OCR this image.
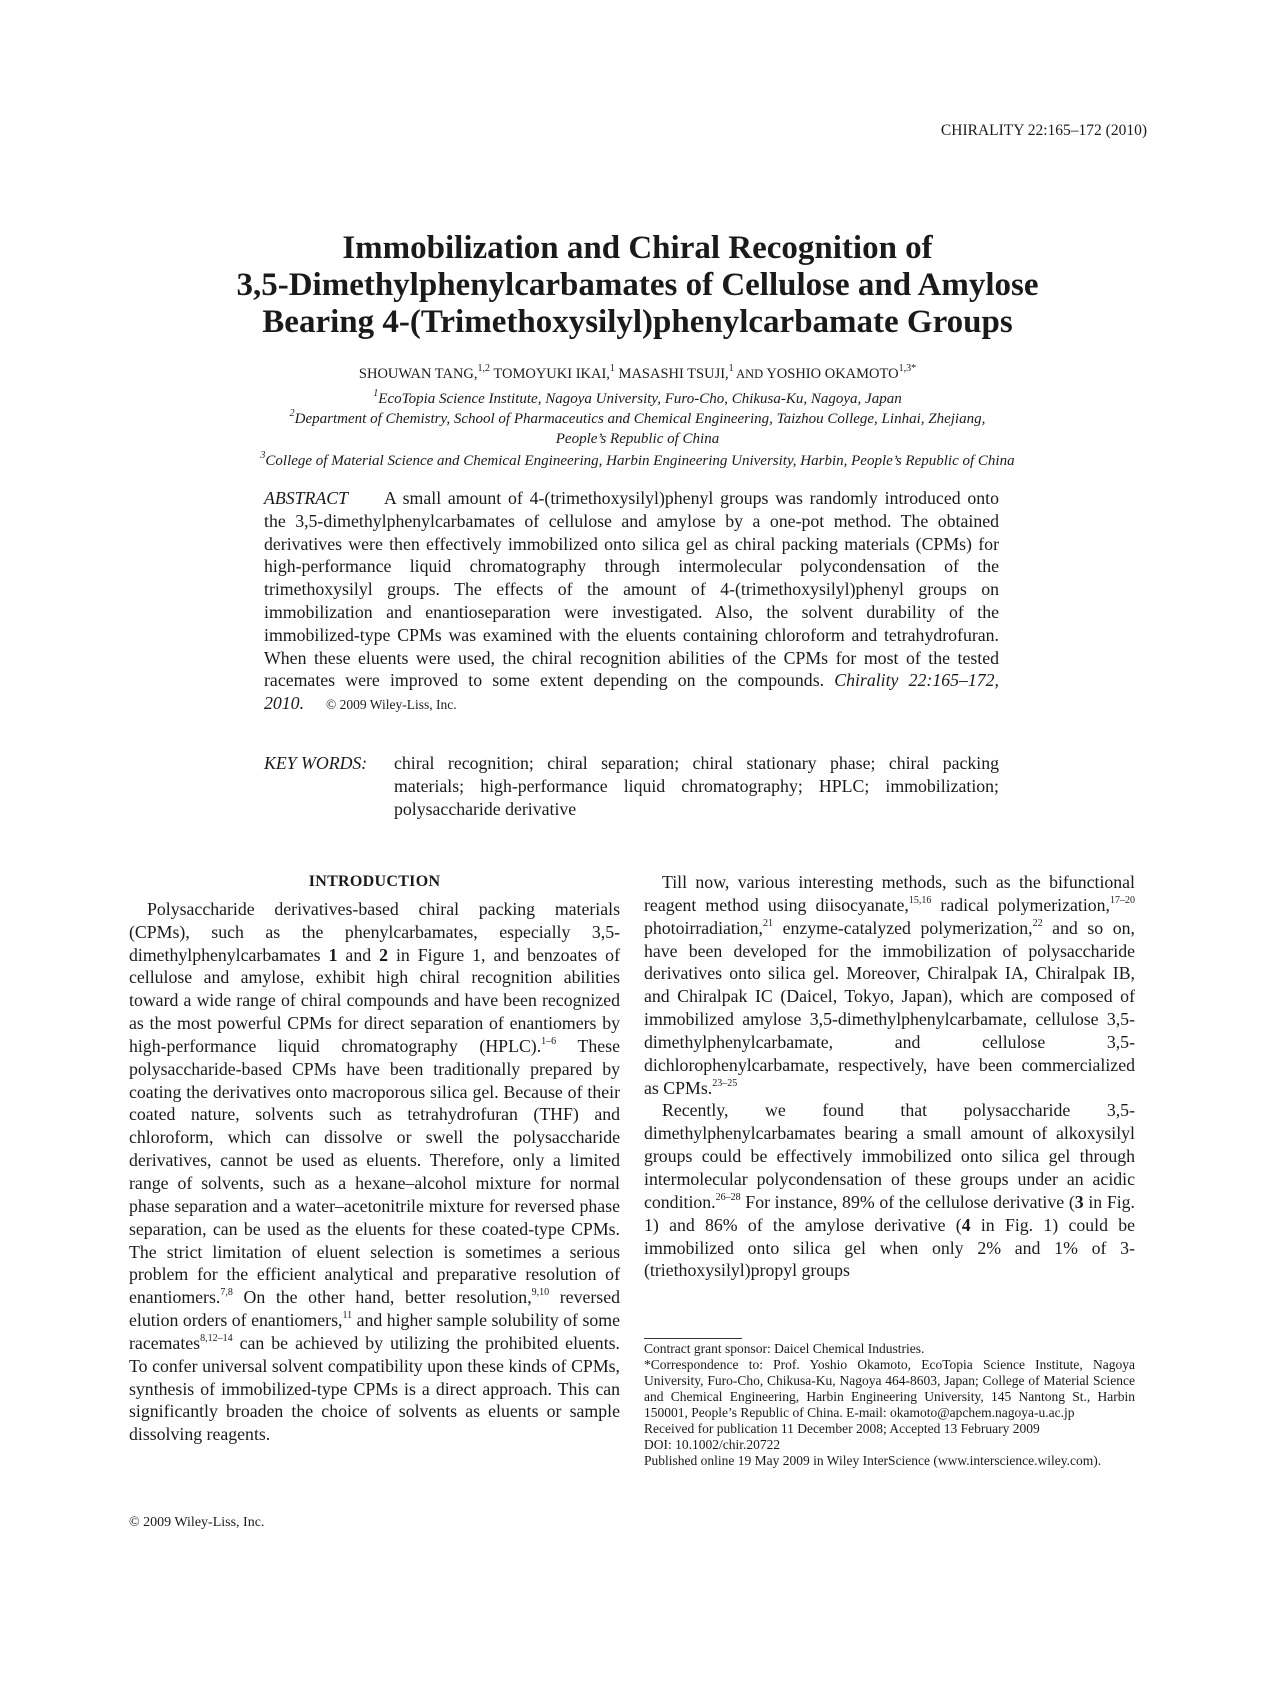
CHIRALITY 22:165–172 (2010)
Immobilization and Chiral Recognition of
3,5-Dimethylphenylcarbamates of Cellulose and Amylose
Bearing 4-(Trimethoxysilyl)phenylcarbamate Groups
SHOUWAN TANG,$^{1,2}$ TOMOYUKI IKAI,$^1$ MASASHI TSUJI,$^1$ AND YOSHIO $OKAMOTO^{1,3*}$
$^1$EcoTopia Science Institute, Nagoya University, Furo-Cho, Chikusa-Ku, Nagoya, Japan
$^2$Department of Chemistry, School of Pharmaceutics and Chemical Engineering, Taizhou College, Linhai, Zhejiang,
People’s Republic of China
$^3$College of Material Science and Chemical Engineering, Harbin Engineering University, Harbin, People’s Republic of China
ABSTRACT A small amount of 4-(trimethoxysilyl)phenyl groups was randomly introduced onto the 3,5-dimethylphenylcarbamates of cellulose and amylose by a one-pot method. The obtained derivatives were then effectively immobilized onto silica gel as chiral packing materials (CPMs) for high-performance liquid chromatography through intermolecular polycondensation of the trimethoxysilyl groups. The effects of the amount of 4-(trimethoxysilyl)phenyl groups on immobilization and enantioseparation were investigated. Also, the solvent durability of the immobilized-type CPMs was examined with the eluents containing chloroform and tetrahydrofuran. When these eluents were used, the chiral recognition abilities of the CPMs for most of the tested racemates were improved to some extent depending on the compounds. Chirality 22:165–172, 2010. © 2009 Wiley-Liss, Inc.
KEY WORDS: chiral recognition; chiral separation; chiral stationary phase; chiral packing materials; high-performance liquid chromatography; HPLC; immobilization; polysaccharide derivative
INTRODUCTION

Polysaccharide derivatives-based chiral packing materials (CPMs), such as the phenylcarbamates, especially 3,5-dimethylphenylcarbamates 1 and 2 in Figure 1, and benzoates of cellulose and amylose, exhibit high chiral recognition abilities toward a wide range of chiral compounds and have been recognized as the most powerful CPMs for direct separation of enantiomers by high-performance liquid chromatography (HPLC).$^{1-6}$ These polysaccharide-based CPMs have been traditionally prepared by coating the derivatives onto macroporous silica gel. Because of their coated nature, solvents such as tetrahydrofuran (THF) and chloroform, which can dissolve or swell the polysaccharide derivatives, cannot be used as eluents. Therefore, only a limited range of solvents, such as a hexane–alcohol mixture for normal phase separation and a water–acetonitrile mixture for reversed phase separation, can be used as the eluents for these coated-type CPMs. The strict limitation of eluent selection is sometimes a serious problem for the efficient analytical and preparative resolution of enantiomers.$^{7,8}$ On the other hand, better resolution,$^{9,10}$ reversed elution orders of enantiomers,$^{11}$ and higher sample solubility of some racemates$^{8,12-14}$ can be achieved by utilizing the prohibited eluents. To confer universal solvent compatibility upon these kinds of CPMs, synthesis of immobilized-type CPMs is a direct approach. This can significantly broaden the choice of solvents as eluents or sample dissolving reagents.

© 2009 Wiley-Liss, Inc.

Till now, various interesting methods, such as the bifunctional reagent method using diisocyanate,$^{15,16}$ radical polymerization,$^{17-20}$ photoirradiation,$^{21}$ enzyme-catalyzed polymerization,$^{22}$ and so on, have been developed for the immobilization of polysaccharide derivatives onto silica gel. Moreover, Chiralpak IA, Chiralpak IB, and Chiralpak IC (Daicel, Tokyo, Japan), which are composed of immobilized amylose 3,5-dimethylphenylcarbamate, cellulose 3,5-dimethylphenylcarbamate, and cellulose 3,5-dichlorophenylcarbamate, respectively, have been commercialized as CPMs.$^{23-25}$

Recently, we found that polysaccharide 3,5-dimethylphenylcarbamates bearing a small amount of alkoxysilyl groups could be effectively immobilized onto silica gel through intermolecular polycondensation of these groups under an acidic condition.$^{26-28}$ For instance, 89% of the cellulose derivative (3 in Fig. 1) and 86% of the amylose derivative (4 in Fig. 1) could be immobilized onto silica gel when only 2% and 1% of 3-(triethoxysilyl)propyl groups

Contract grant sponsor: Daicel Chemical Industries.

*Correspondence to: Prof. Yoshio Okamoto, EcoTopia Science Institute, Nagoya University, Furo-Cho, Chikusa-Ku, Nagoya 464-8603, Japan; College of Material Science and Chemical Engineering, Harbin Engineering University, 145 Nantong St., Harbin 150001, People’s Republic of China. E-mail: okamoto@apchem.nagoya-u.ac.jp

Received for publication 11 December 2008; Accepted 13 February 2009

DOI: 10.1002/chir.20722

Published online 19 May 2009 in Wiley InterScience (www.interscience.wiley.com).
